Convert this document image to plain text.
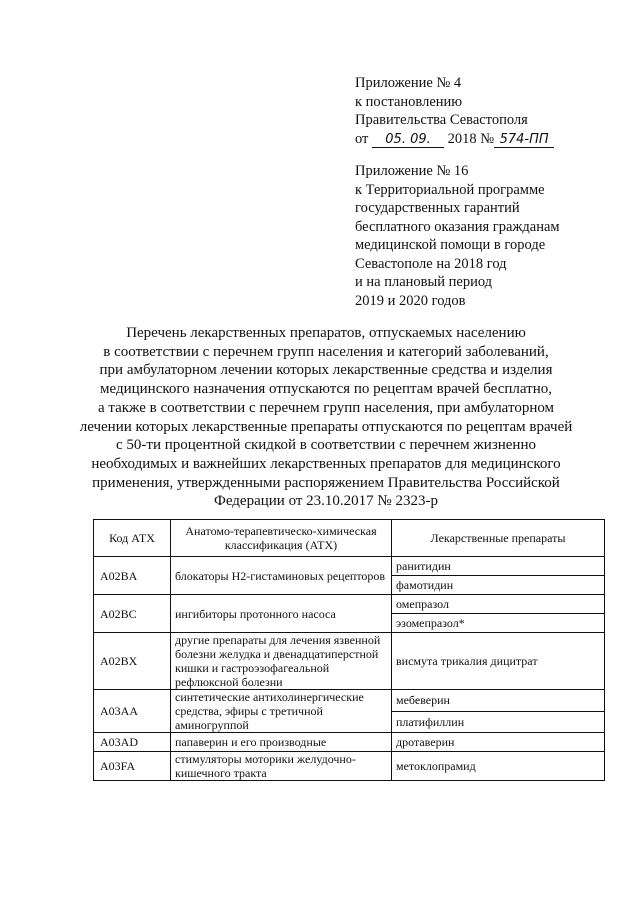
Приложение № 4
к постановлению
Правительства Севастополя
от 05. 09. 2018 № 574-ПП
Приложение № 16
к Территориальной программе
государственных гарантий
бесплатного оказания гражданам
медицинской помощи в городе
Севастополе на 2018 год
и на плановый период
2019 и 2020 годов
Перечень лекарственных препаратов, отпускаемых населению
в соответствии с перечнем групп населения и категорий заболеваний,
при амбулаторном лечении которых лекарственные средства и изделия
медицинского назначения отпускаются по рецептам врачей бесплатно,
а также в соответствии с перечнем групп населения, при амбулаторном
лечении которых лекарственные препараты отпускаются по рецептам врачей
с 50-ти процентной скидкой в соответствии с перечнем жизненно
необходимых и важнейших лекарственных препаратов для медицинского
применения, утвержденными распоряжением Правительства Российской
Федерации от 23.10.2017 № 2323-р
Код АТХ	Анатомо-терапевтическо-химическая классификация (АТХ)	Лекарственные препараты
A02BA	блокаторы Н2-гистаминовых рецепторов	ранитидин
		фамотидин
A02BC	ингибиторы протонного насоса	омепразол
		эзомепразол*
A02BX	другие препараты для лечения язвенной болезни желудка и двенадцатиперстной кишки и гастроэзофагеальной рефлюксной болезни	висмута трикалия дицитрат
A03AA	синтетические антихолинергические средства, эфиры с третичной аминогруппой	мебеверин
		платифиллин
A03AD	папаверин и его производные	дротаверин
A03FA	стимуляторы моторики желудочно-кишечного тракта	метоклопрамид
